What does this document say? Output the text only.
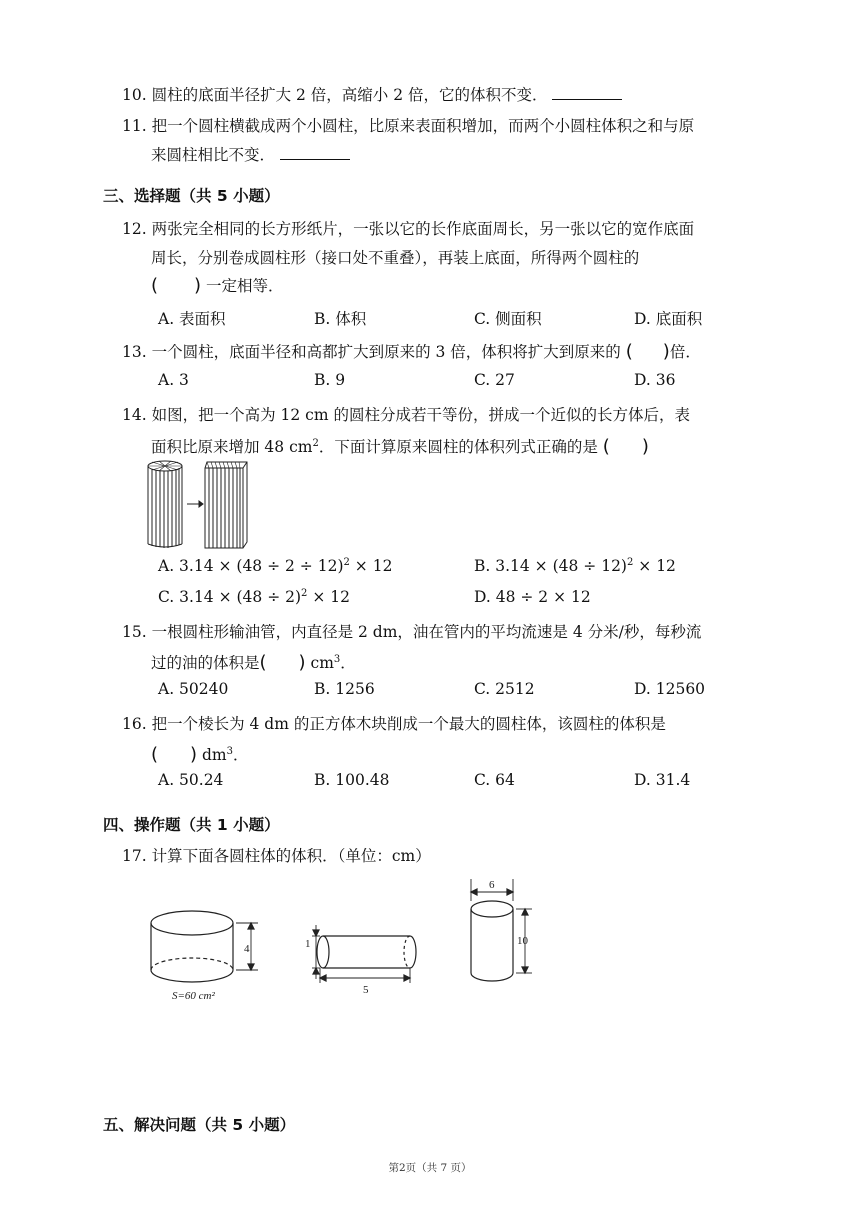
10. 圆柱的底面半径扩大 2 倍，高缩小 2 倍，它的体积不变．
11. 把一个圆柱横截成两个小圆柱，比原来表面积增加，而两个小圆柱体积之和与原
来圆柱相比不变．
三、选择题（共 5 小题）
12. 两张完全相同的长方形纸片，一张以它的长作底面周长，另一张以它的宽作底面
周长，分别卷成圆柱形（接口处不重叠），再装上底面，所得两个圆柱的
( ) 一定相等．
A. 表面积	B. 体积	C. 侧面积	D. 底面积
13. 一个圆柱，底面半径和高都扩大到原来的 3 倍，体积将扩大到原来的 ( )倍．
A. 3	B. 9	C. 27	D. 36
14. 如图，把一个高为 12 cm 的圆柱分成若干等份，拼成一个近似的长方体后，表
面积比原来增加 48 $cm^2$．下面计算原来圆柱的体积列式正确的是 ( )
A. $3.14 \times (48 \div 2 \div 12)^2 \times 12$	B. $3.14 \times (48 \div 12)^2 \times 12$
C. $3.14 \times (48 \div 2)^2 \times 12$	D. 48 ÷ 2 × 12
15. 一根圆柱形输油管，内直径是 2 dm，油在管内的平均流速是 4 分米/秒，每秒流
过的油的体积是( ) $cm^3$．
A. 50240	B. 1256	C. 2512	D. 12560
16. 把一个棱长为 4 dm 的正方体木块削成一个最大的圆柱体，该圆柱的体积是
( ) $dm^3$．
A. 50.24	B. 100.48	C. 64	D. 31.4
四、操作题（共 1 小题）
17. 计算下面各圆柱体的体积．（单位：cm）
4
S=60 cm²
1
5
6
10
五、解决问题（共 5 小题）
第2页（共 7 页）
